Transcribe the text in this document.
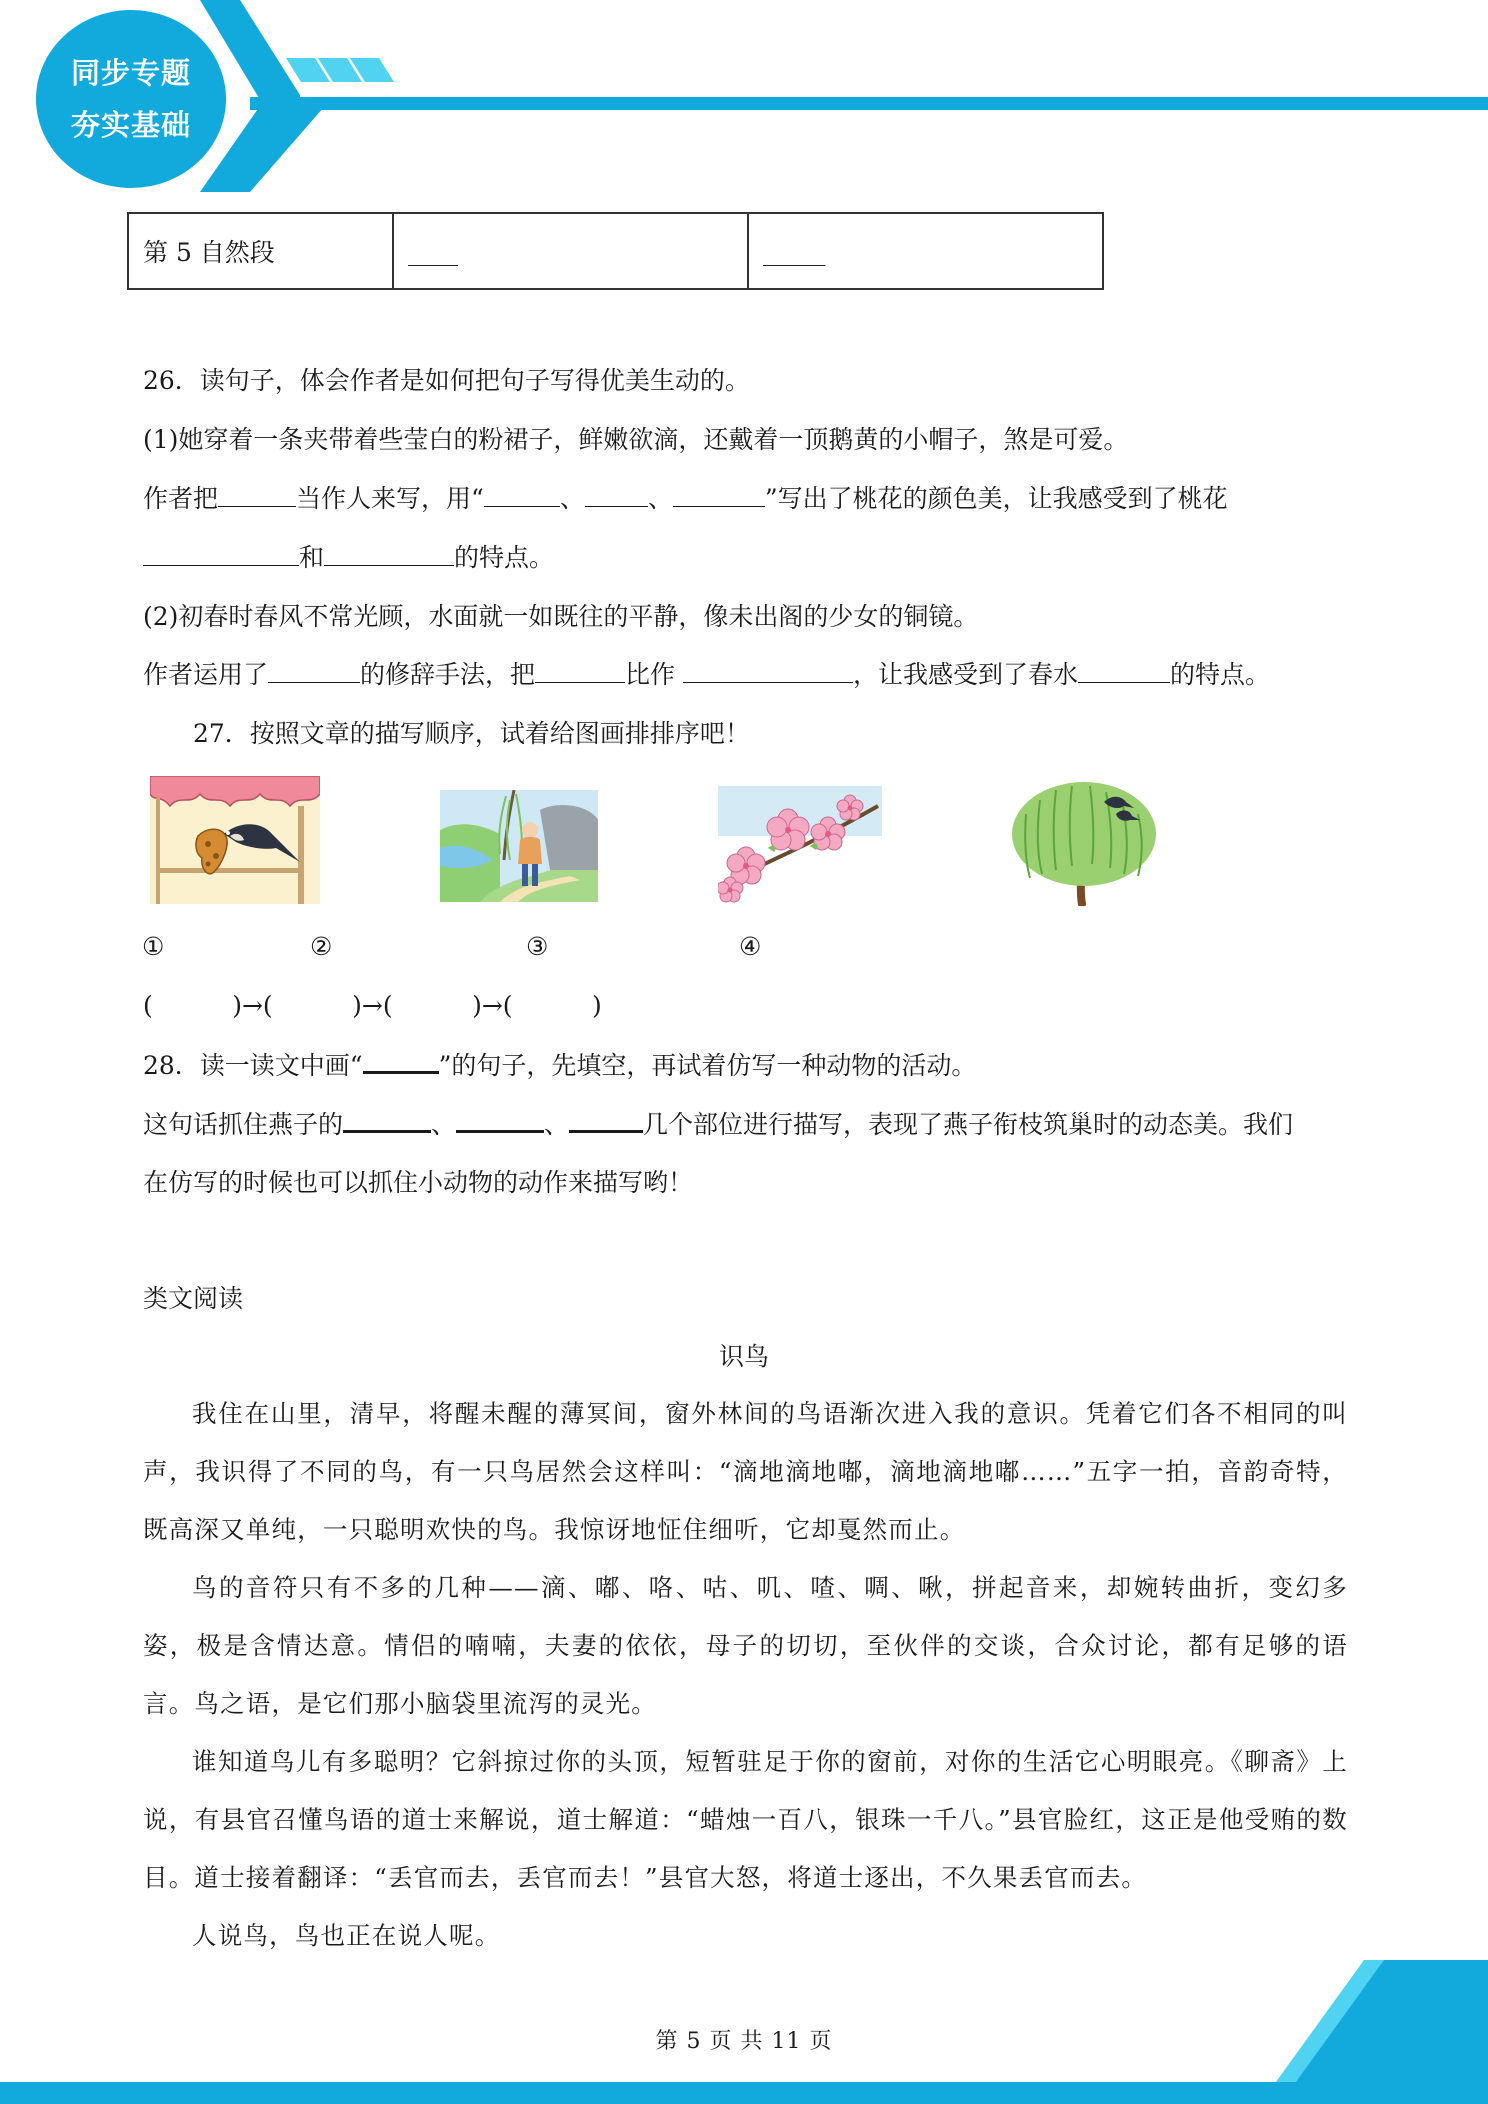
同步专题
夯实基础
第 5 自然段	____	_____
26．读句子，体会作者是如何把句子写得优美生动的。
(1)她穿着一条夹带着些莹白的粉裙子，鲜嫩欲滴，还戴着一顶鹅黄的小帽子，煞是可爱。
作者把	当作人来写，用“	、	、	”写出了桃花的颜色美，让我感受到了桃花
和	的特点。
(2)初春时春风不常光顾，水面就一如既往的平静，像未出阁的少女的铜镜。
作者运用了	的修辞手法，把	比作	，让我感受到了春水	的特点。
27．按照文章的描写顺序，试着给图画排排序吧！
①	②	③	④
(          )→(          )→(          )→(          )
28．读一读文中画“	”的句子，先填空，再试着仿写一种动物的活动。
这句话抓住燕子的	、	、	几个部位进行描写，表现了燕子衔枝筑巢时的动态美。我们
在仿写的时候也可以抓住小动物的动作来描写哟！
类文阅读
识鸟

我住在山里，清早，将醒未醒的薄冥间，窗外林间的鸟语渐次进入我的意识。凭着它们各不相同的叫声，我识得了不同的鸟，有一只鸟居然会这样叫：“滴地滴地嘟，滴地滴地嘟……”五字一拍，音韵奇特，既高深又单纯，一只聪明欢快的鸟。我惊讶地怔住细听，它却戛然而止。

鸟的音符只有不多的几种——滴、嘟、咯、咕、叽、喳、啁、啾，拼起音来，却婉转曲折，变幻多姿，极是含情达意。情侣的喃喃，夫妻的依依，母子的切切，至伙伴的交谈，合众讨论，都有足够的语言。鸟之语，是它们那小脑袋里流泻的灵光。

谁知道鸟儿有多聪明？它斜掠过你的头顶，短暂驻足于你的窗前，对你的生活它心明眼亮。《聊斋》上说，有县官召懂鸟语的道士来解说，道士解道：“蜡烛一百八，银珠一千八。”县官脸红，这正是他受贿的数目。道士接着翻译：“丢官而去，丢官而去！”县官大怒，将道士逐出，不久果丢官而去。

人说鸟，鸟也正在说人呢。

第 5 页 共 11 页
